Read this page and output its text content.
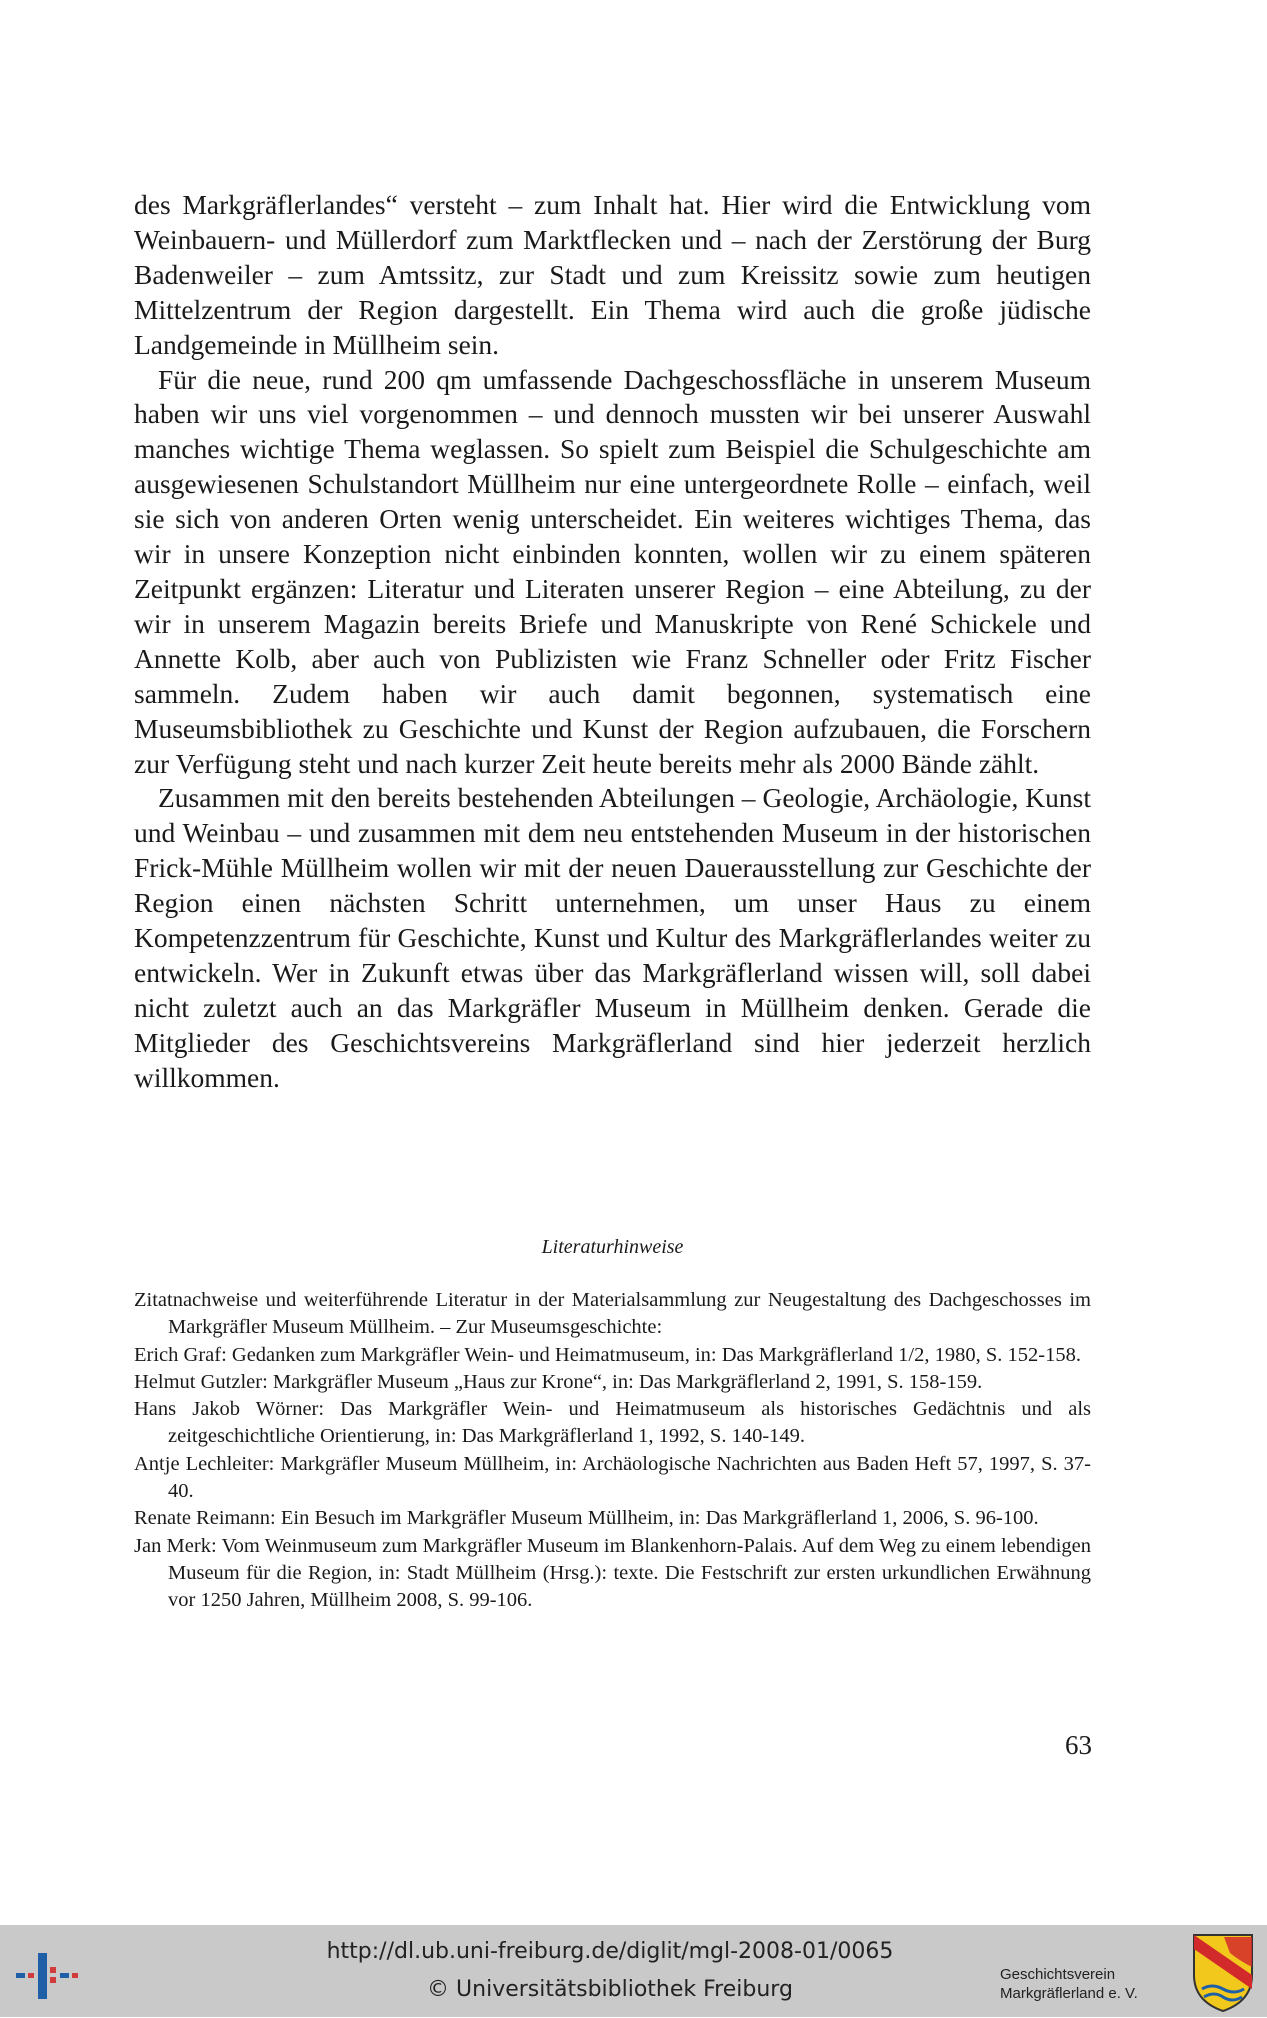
des Markgräflerlandes“ versteht – zum Inhalt hat. Hier wird die Entwicklung vom Weinbauern- und Müllerdorf zum Marktflecken und – nach der Zerstörung der Burg Badenweiler – zum Amtssitz, zur Stadt und zum Kreissitz sowie zum heutigen Mittelzentrum der Region dargestellt. Ein Thema wird auch die große jüdische Landgemeinde in Müllheim sein.

Für die neue, rund 200 qm umfassende Dachgeschossfläche in unserem Museum haben wir uns viel vorgenommen – und dennoch mussten wir bei unserer Auswahl manches wichtige Thema weglassen. So spielt zum Beispiel die Schulgeschichte am ausgewiesenen Schulstandort Müllheim nur eine untergeordnete Rolle – einfach, weil sie sich von anderen Orten wenig unterscheidet. Ein weiteres wichtiges Thema, das wir in unsere Konzeption nicht einbinden konnten, wollen wir zu einem späteren Zeitpunkt ergänzen: Literatur und Literaten unserer Region – eine Abteilung, zu der wir in unserem Magazin bereits Briefe und Manuskripte von René Schickele und Annette Kolb, aber auch von Publizisten wie Franz Schneller oder Fritz Fischer sammeln. Zudem haben wir auch damit begonnen, systematisch eine Museumsbibliothek zu Geschichte und Kunst der Region aufzubauen, die Forschern zur Verfügung steht und nach kurzer Zeit heute bereits mehr als 2000 Bände zählt.

Zusammen mit den bereits bestehenden Abteilungen – Geologie, Archäologie, Kunst und Weinbau – und zusammen mit dem neu entstehenden Museum in der historischen Frick-Mühle Müllheim wollen wir mit der neuen Dauerausstellung zur Geschichte der Region einen nächsten Schritt unternehmen, um unser Haus zu einem Kompetenzzentrum für Geschichte, Kunst und Kultur des Markgräflerlandes weiter zu entwickeln. Wer in Zukunft etwas über das Markgräflerland wissen will, soll dabei nicht zuletzt auch an das Markgräfler Museum in Müllheim denken. Gerade die Mitglieder des Geschichtsvereins Markgräflerland sind hier jederzeit herzlich willkommen.

Literaturhinweise

Zitatnachweise und weiterführende Literatur in der Materialsammlung zur Neugestaltung des Dachgeschosses im Markgräfler Museum Müllheim. – Zur Museumsgeschichte:

Erich Graf: Gedanken zum Markgräfler Wein- und Heimatmuseum, in: Das Markgräflerland 1/2, 1980, S. 152-158.

Helmut Gutzler: Markgräfler Museum „Haus zur Krone“, in: Das Markgräflerland 2, 1991, S. 158-159.

Hans Jakob Wörner: Das Markgräfler Wein- und Heimatmuseum als historisches Gedächtnis und als zeitgeschichtliche Orientierung, in: Das Markgräflerland 1, 1992, S. 140-149.

Antje Lechleiter: Markgräfler Museum Müllheim, in: Archäologische Nachrichten aus Baden Heft 57, 1997, S. 37-40.

Renate Reimann: Ein Besuch im Markgräfler Museum Müllheim, in: Das Markgräflerland 1, 2006, S. 96-100.

Jan Merk: Vom Weinmuseum zum Markgräfler Museum im Blankenhorn-Palais. Auf dem Weg zu einem lebendigen Museum für die Region, in: Stadt Müllheim (Hrsg.): texte. Die Festschrift zur ersten urkundlichen Erwähnung vor 1250 Jahren, Müllheim 2008, S. 99-106.

63
http://dl.ub.uni-freiburg.de/diglit/mgl-2008-01/0065
© Universitätsbibliothek Freiburg
Geschichtsverein
Markgräflerland e. V.
